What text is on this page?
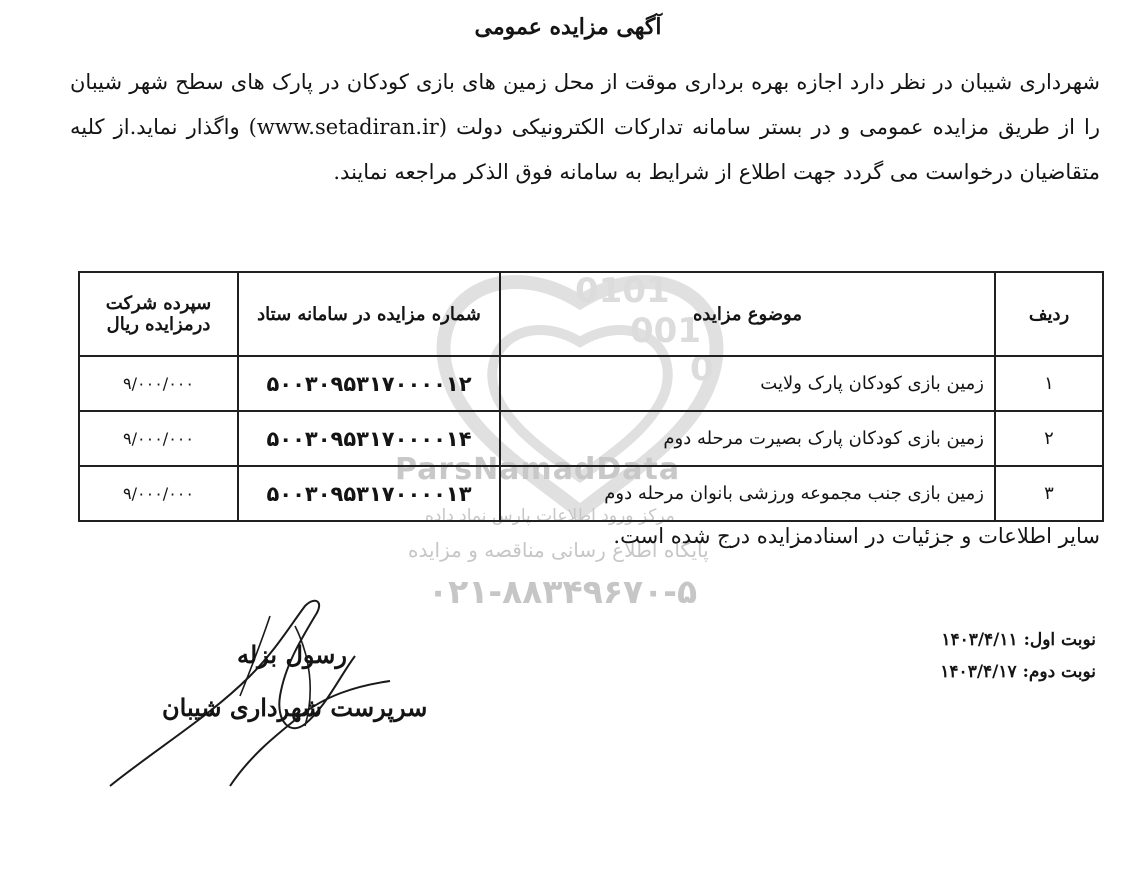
0101
001
0
ParsNamadData
مرکز ورود اطلاعات پارس نماد داده
پایگاه اطلاع رسانی مناقصه و مزایده
۰۲۱-۸۸۳۴۹۶۷۰-۵
آگهی مزایده عمومی
شهرداری شیبان در نظر دارد اجازه بهره برداری موقت از محل زمین های بازی کودکان در پارک های سطح شهر شیبان را از طریق مزایده عمومی و در بستر سامانه تدارکات الکترونیکی دولت (www.setadiran.ir) واگذار نماید.از کلیه متقاضیان درخواست می گردد جهت اطلاع از شرایط به سامانه فوق الذکر مراجعه نمایند.
ردیف	موضوع مزایده	شماره مزایده در سامانه ستاد	سپرده شرکت
درمزایده ریال

۱	زمین بازی کودکان پارک ولایت	۵۰۰۳۰۹۵۳۱۷۰۰۰۰۱۲	۹/۰۰۰/۰۰۰
۲	زمین بازی کودکان پارک بصیرت مرحله دوم	۵۰۰۳۰۹۵۳۱۷۰۰۰۰۱۴	۹/۰۰۰/۰۰۰
۳	زمین بازی جنب مجموعه ورزشی بانوان مرحله دوم	۵۰۰۳۰۹۵۳۱۷۰۰۰۰۱۳	۹/۰۰۰/۰۰۰
سایر اطلاعات و جزئیات در اسنادمزایده درج شده است.
نوبت اول: ۱۴۰۳/۴/۱۱
نوبت دوم: ۱۴۰۳/۴/۱۷
رسول بزله
سرپرست شهرداری شیبان
